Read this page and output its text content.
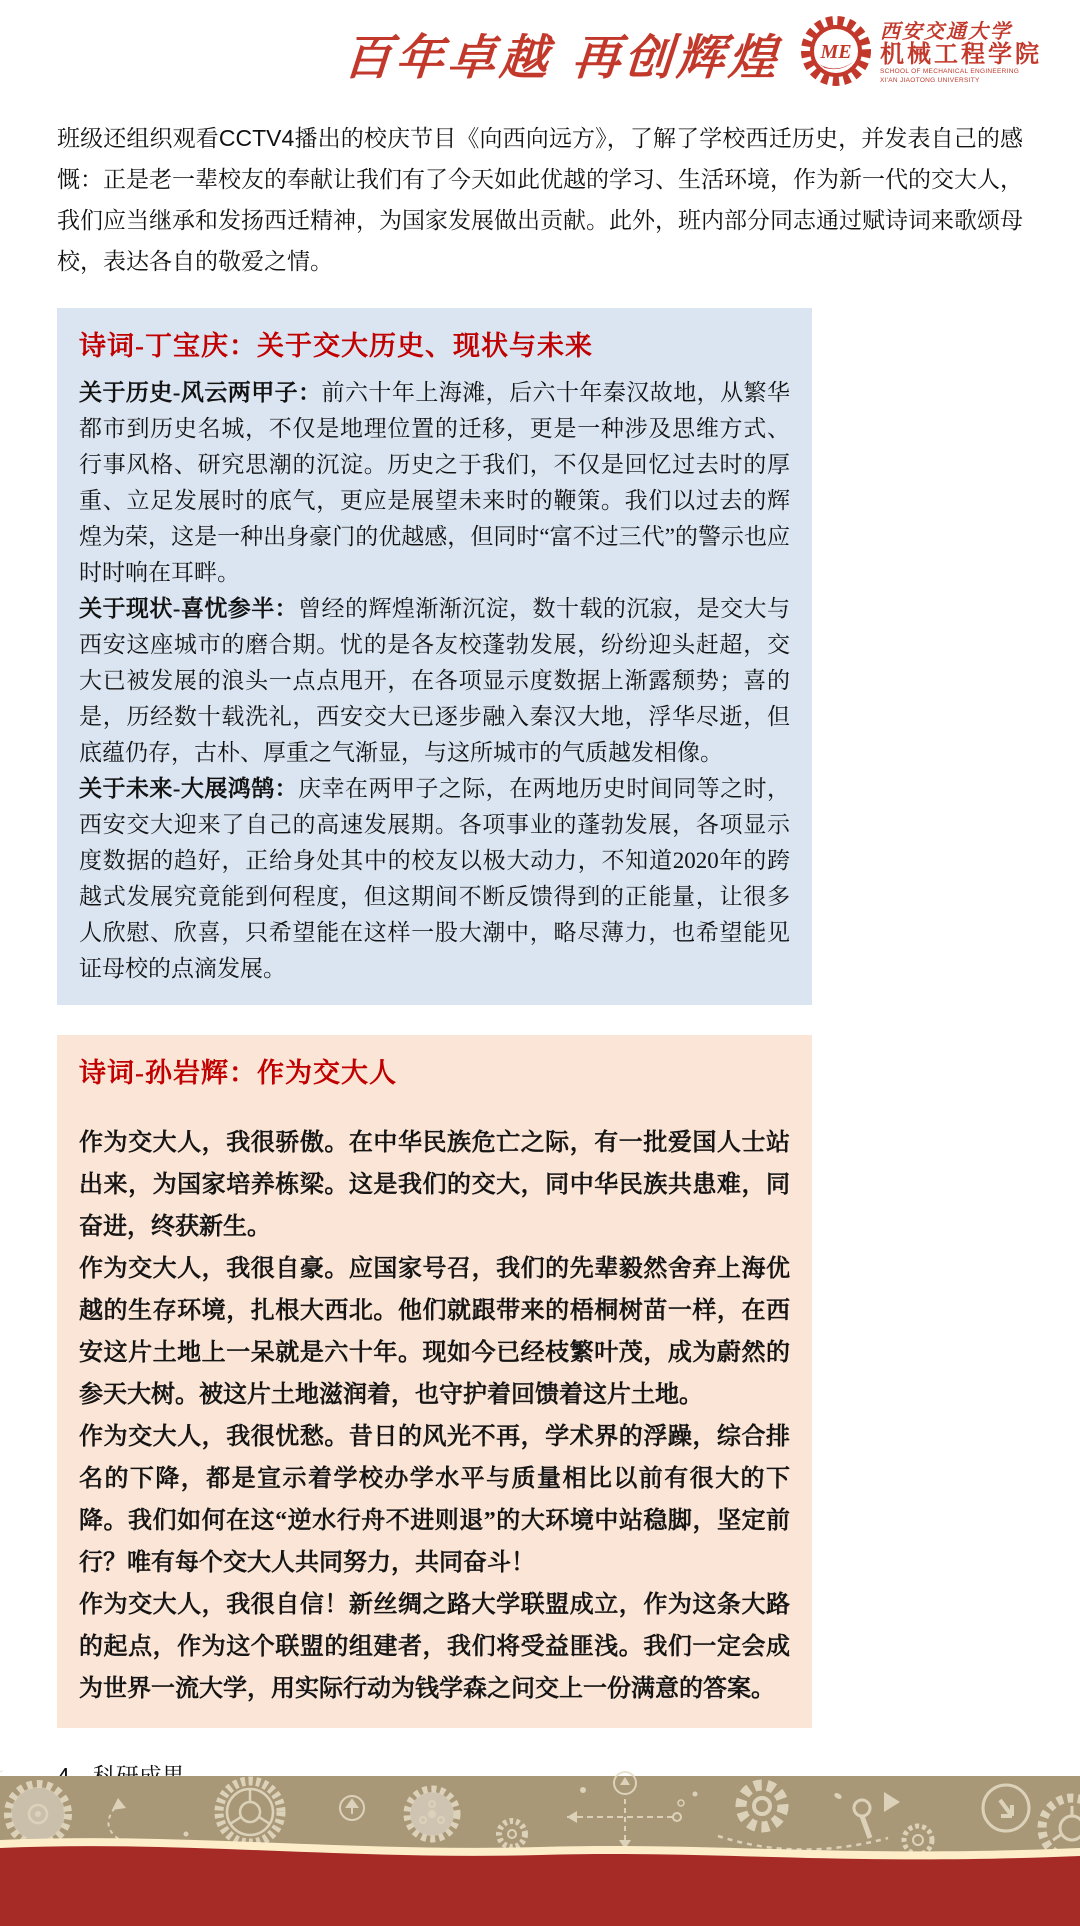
百年卓越 再创辉煌 ME
西安交通大学
机械工程学院
SCHOOL OF MECHANICAL ENGINEERING
XI'AN JIAOTONG UNIVERSITY

班级还组织观看CCTV4播出的校庆节目《向西向远方》，了解了学校西迁历史，并发表自己的感慨：正是老一辈校友的奉献让我们有了今天如此优越的学习、生活环境，作为新一代的交大人，我们应当继承和发扬西迁精神，为国家发展做出贡献。此外，班内部分同志通过赋诗词来歌颂母校，表达各自的敬爱之情。

诗词-丁宝庆：关于交大历史、现状与未来

关于历史-风云两甲子：前六十年上海滩，后六十年秦汉故地，从繁华都市到历史名城，不仅是地理位置的迁移，更是一种涉及思维方式、行事风格、研究思潮的沉淀。历史之于我们，不仅是回忆过去时的厚重、立足发展时的底气，更应是展望未来时的鞭策。我们以过去的辉煌为荣，这是一种出身豪门的优越感，但同时“富不过三代”的警示也应时时响在耳畔。

关于现状-喜忧参半：曾经的辉煌渐渐沉淀，数十载的沉寂，是交大与西安这座城市的磨合期。忧的是各友校蓬勃发展，纷纷迎头赶超，交大已被发展的浪头一点点甩开，在各项显示度数据上渐露颓势；喜的是，历经数十载洗礼，西安交大已逐步融入秦汉大地，浮华尽逝，但底蕴仍存，古朴、厚重之气渐显，与这所城市的气质越发相像。

关于未来-大展鸿鹄：庆幸在两甲子之际，在两地历史时间同等之时，西安交大迎来了自己的高速发展期。各项事业的蓬勃发展，各项显示度数据的趋好，正给身处其中的校友以极大动力，不知道2020年的跨越式发展究竟能到何程度，但这期间不断反馈得到的正能量，让很多人欣慰、欣喜，只希望能在这样一股大潮中，略尽薄力，也希望能见证母校的点滴发展。

诗词-孙岩辉：作为交大人

作为交大人，我很骄傲。在中华民族危亡之际，有一批爱国人士站出来，为国家培养栋梁。这是我们的交大，同中华民族共患难，同奋进，终获新生。

作为交大人，我很自豪。应国家号召，我们的先辈毅然舍弃上海优越的生存环境，扎根大西北。他们就跟带来的梧桐树苗一样，在西安这片土地上一呆就是六十年。现如今已经枝繁叶茂，成为蔚然的参天大树。被这片土地滋润着，也守护着回馈着这片土地。

作为交大人，我很忧愁。昔日的风光不再，学术界的浮躁，综合排名的下降，都是宣示着学校办学水平与质量相比以前有很大的下降。我们如何在这“逆水行舟不进则退”的大环境中站稳脚，坚定前行？唯有每个交大人共同努力，共同奋斗！

作为交大人，我很自信！新丝绸之路大学联盟成立，作为这条大路的起点，作为这个联盟的组建者，我们将受益匪浅。我们一定会成为世界一流大学，用实际行动为钱学森之问交上一份满意的答案。
